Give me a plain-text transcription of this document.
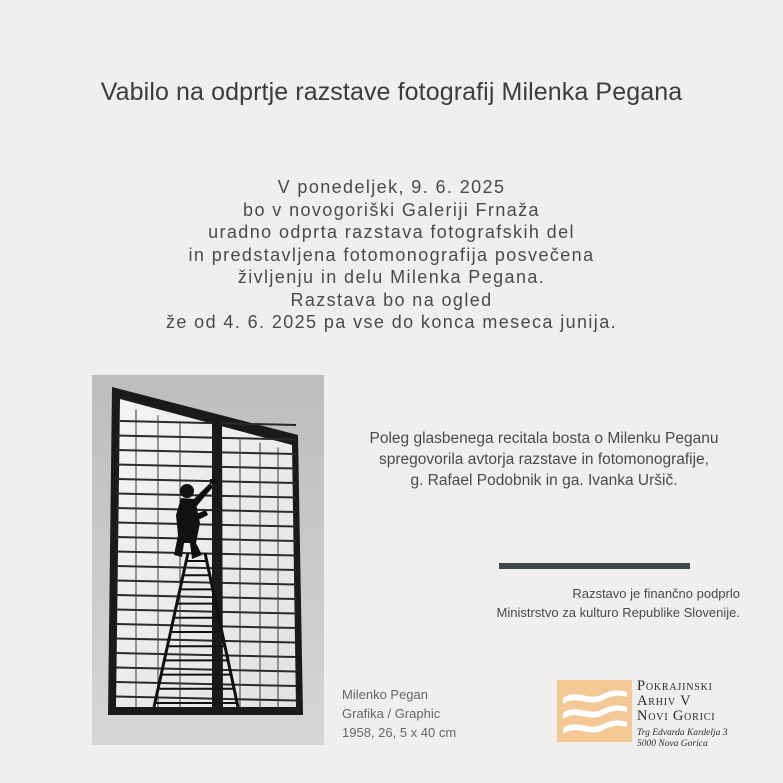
Vabilo na odprtje razstave fotografij Milenka Pegana
V ponedeljek, 9. 6. 2025
bo v novogoriški Galeriji Frnaža
uradno odprta razstava fotografskih del
in predstavljena fotomonografija posvečena
življenju in delu Milenka Pegana.
Razstava bo na ogled
že od 4. 6. 2025 pa vse do konca meseca junija.
Poleg glasbenega recitala bosta o Milenku Peganu
spregovorila avtorja razstave in fotomonografije,
g. Rafael Podobnik in ga. Ivanka Uršič.
Razstavo je finančno podprlo
Ministrstvo za kulturo Republike Slovenije.
Milenko Pegan
Grafika / Graphic
1958, 26, 5 x 40 cm
Pokrajinski
Arhiv V
Novi Gorici
Trg Edvarda Kardelja 3
5000 Nova Gorica
